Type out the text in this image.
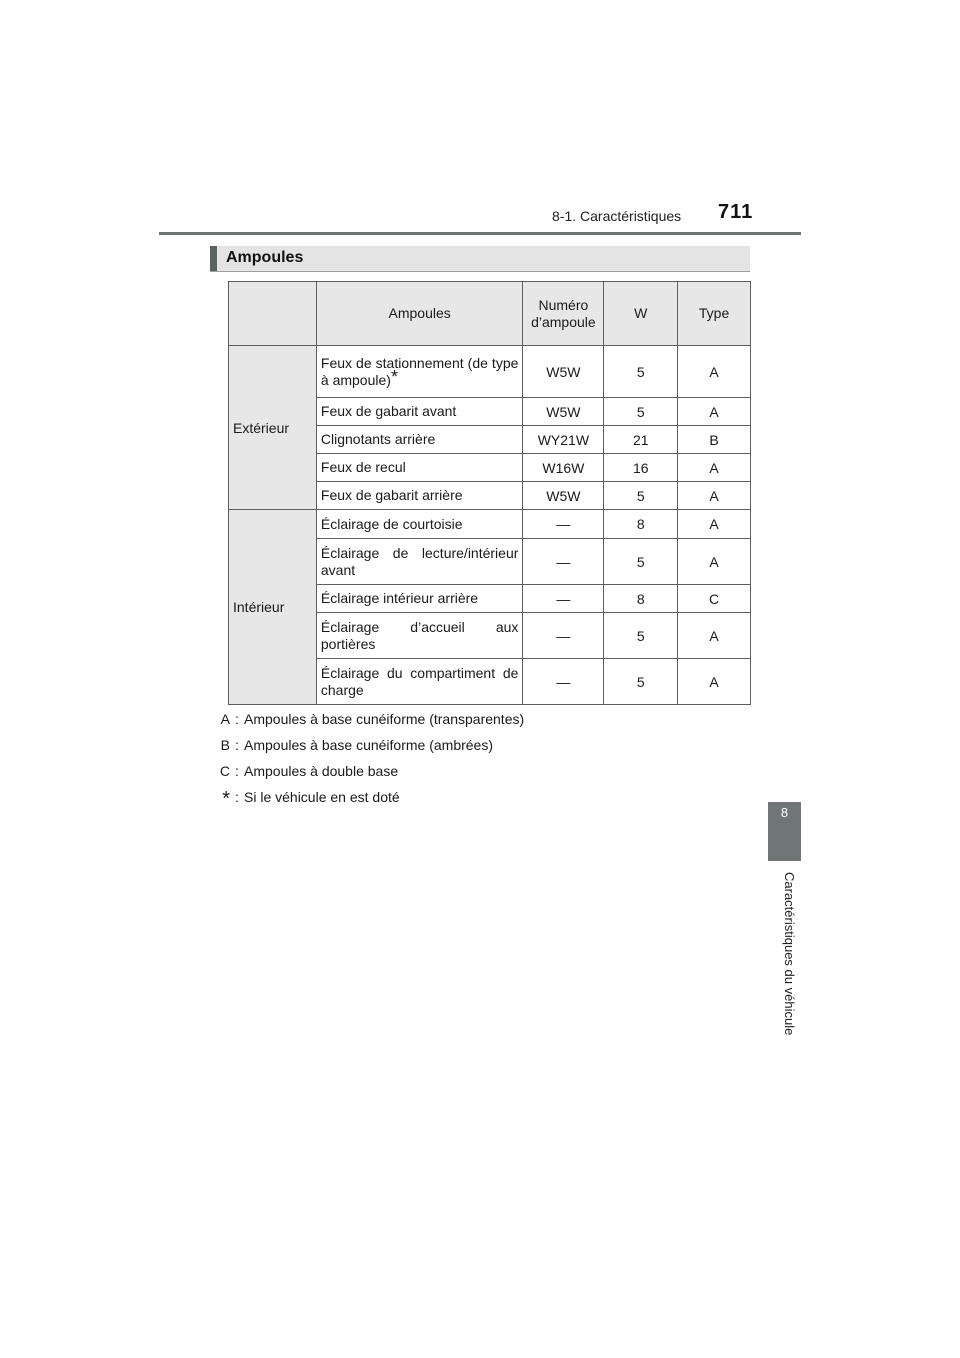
8-1. Caractéristiques 711
Ampoules
	Ampoules	Numéro d’ampoule	W	Type
Extérieur	Feux de stationnement (de type à ampoule)*	W5W	5	A
	Feux de gabarit avant	W5W	5	A
	Clignotants arrière	WY21W	21	B
	Feux de recul	W16W	16	A
	Feux de gabarit arrière	W5W	5	A
Intérieur	Éclairage de courtoisie	—	8	A
	Éclairage de lecture/intérieur avant	—	5	A
	Éclairage intérieur arrière	—	8	C
	Éclairage d’accueil aux portières	—	5	A
	Éclairage du compartiment de charge	—	5	A
A : Ampoules à base cunéiforme (transparentes)
B : Ampoules à base cunéiforme (ambrées)
C : Ampoules à double base
* : Si le véhicule en est doté
8
Caractéristiques du véhicule
